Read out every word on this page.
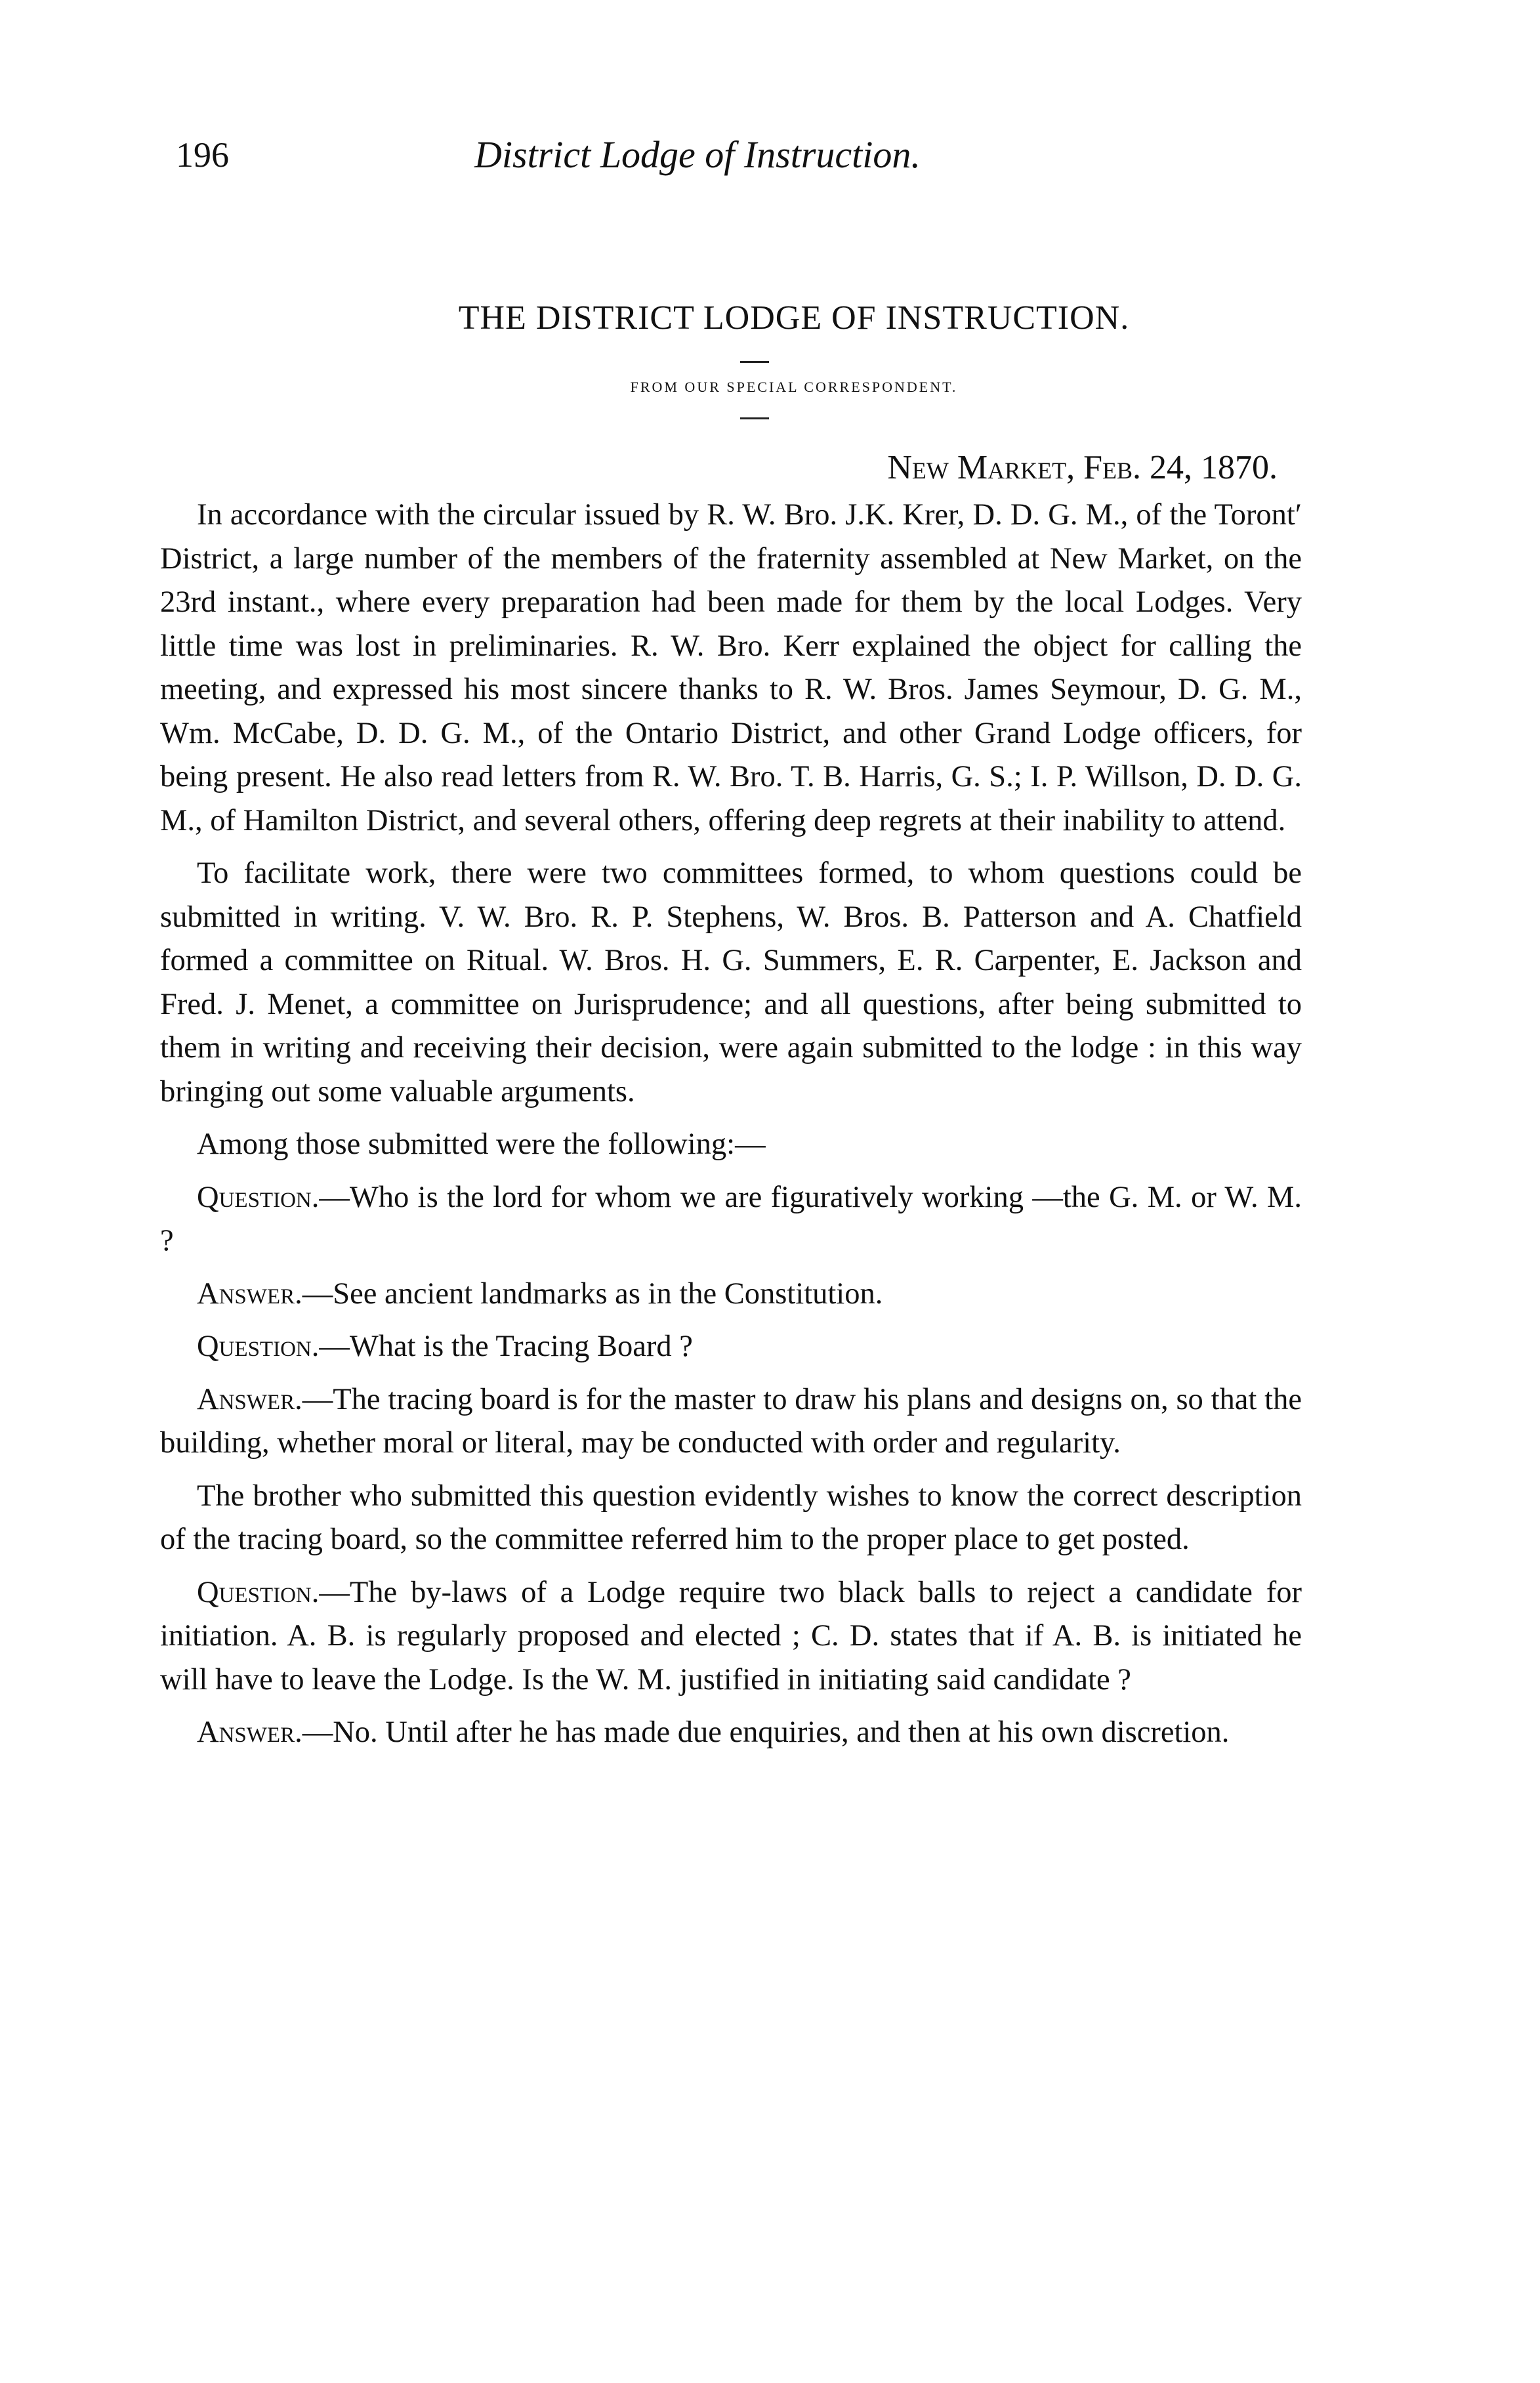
196	District Lodge of Instruction.
THE DISTRICT LODGE OF INSTRUCTION.
FROM OUR SPECIAL CORRESPONDENT.
New Market, Feb. 24, 1870.

In accordance with the circular issued by R. W. Bro. J.K. Krer, D. D. G. M., of the Toront′ District, a large number of the members of the fraternity assembled at New Market, on the 23rd instant., where every preparation had been made for them by the local Lodges. Very little time was lost in preliminaries. R. W. Bro. Kerr explained the object for calling the meeting, and expressed his most sincere thanks to R. W. Bros. James Seymour, D. G. M., Wm. McCabe, D. D. G. M., of the Ontario District, and other Grand Lodge officers, for being present. He also read letters from R. W. Bro. T. B. Harris, G. S.; I. P. Willson, D. D. G. M., of Hamilton District, and several others, offering deep regrets at their inability to attend.

To facilitate work, there were two committees formed, to whom questions could be submitted in writing. V. W. Bro. R. P. Stephens, W. Bros. B. Patterson and A. Chatfield formed a committee on Ritual. W. Bros. H. G. Summers, E. R. Carpenter, E. Jackson and Fred. J. Menet, a committee on Jurisprudence; and all questions, after being submitted to them in writing and receiving their decision, were again submitted to the lodge : in this way bringing out some valuable arguments.

Among those submitted were the following:—

Question.—Who is the lord for whom we are figuratively working —the G. M. or W. M. ?

Answer.—See ancient landmarks as in the Constitution.

Question.—What is the Tracing Board ?

Answer.—The tracing board is for the master to draw his plans and designs on, so that the building, whether moral or literal, may be conducted with order and regularity.

The brother who submitted this question evidently wishes to know the correct description of the tracing board, so the committee referred him to the proper place to get posted.

Question.—The by-laws of a Lodge require two black balls to reject a candidate for initiation. A. B. is regularly proposed and elected ; C. D. states that if A. B. is initiated he will have to leave the Lodge. Is the W. M. justified in initiating said candidate ?

Answer.—No. Until after he has made due enquiries, and then at his own discretion.
